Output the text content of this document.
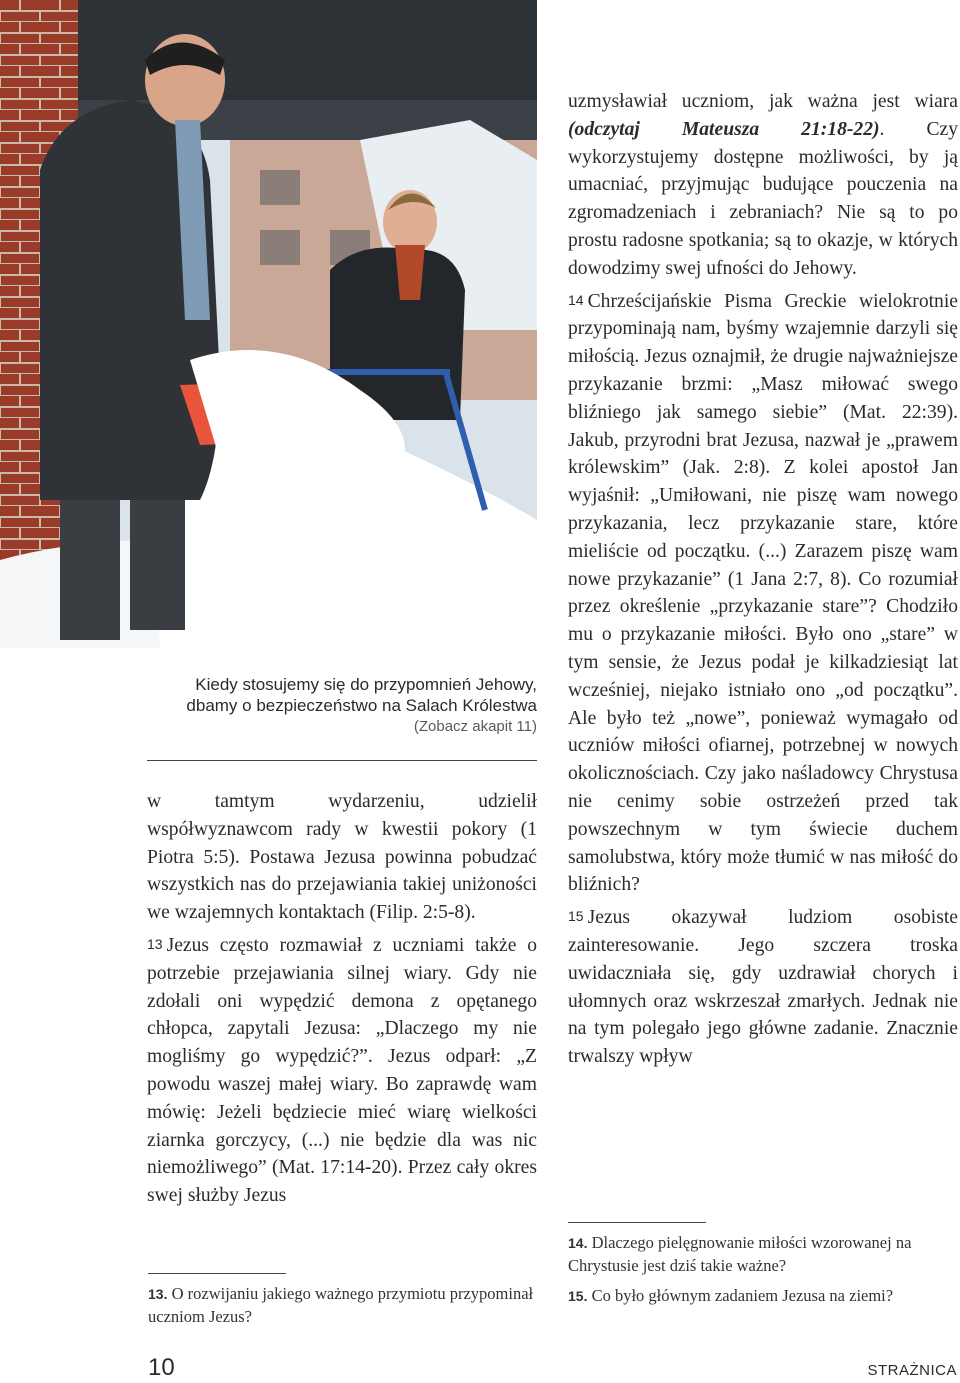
Kiedy stosujemy się do przypomnień Jehowy, dbamy o bezpieczeństwo na Salach Królestwa
(Zobacz akapit 11)

w tamtym wydarzeniu, udzielił współwyznawcom rady w kwestii pokory (1 Piotra 5:5). Postawa Jezusa powinna pobudzać wszystkich nas do przejawiania takiej uniżoności we wzajemnych kontaktach (Filip. 2:5-8).

13 Jezus często rozmawiał z uczniami także o potrzebie przejawiania silnej wiary. Gdy nie zdołali oni wypędzić demona z opętanego chłopca, zapytali Jezusa: „Dlaczego my nie mogliśmy go wypędzić?”. Jezus odparł: „Z powodu waszej małej wiary. Bo zaprawdę wam mówię: Jeżeli będziecie mieć wiarę wielkości ziarnka gorczycy, (...) nie będzie dla was nic niemożliwego” (Mat. 17:14-20). Przez cały okres swej służby Jezus

13. O rozwijaniu jakiego ważnego przymiotu przypominał uczniom Jezus?

uzmysławiał uczniom, jak ważna jest wiara (odczytaj Mateusza 21:18-22). Czy wykorzystujemy dostępne możliwości, by ją umacniać, przyjmując budujące pouczenia na zgromadzeniach i zebraniach? Nie są to po prostu radosne spotkania; są to okazje, w których dowodzimy swej ufności do Jehowy.

14 Chrześcijańskie Pisma Greckie wielokrotnie przypominają nam, byśmy wzajemnie darzyli się miłością. Jezus oznajmił, że drugie najważniejsze przykazanie brzmi: „Masz miłować swego bliźniego jak samego siebie” (Mat. 22:39). Jakub, przyrodni brat Jezusa, nazwał je „prawem królewskim” (Jak. 2:8). Z kolei apostoł Jan wyjaśnił: „Umiłowani, nie piszę wam nowego przykazania, lecz przykazanie stare, które mieliście od początku. (...) Zarazem piszę wam nowe przykazanie” (1 Jana 2:7, 8). Co rozumiał przez określenie „przykazanie stare”? Chodziło mu o przykazanie miłości. Było ono „stare” w tym sensie, że Jezus podał je kilkadziesiąt lat wcześniej, niejako istniało ono „od początku”. Ale było też „nowe”, ponieważ wymagało od uczniów miłości ofiarnej, potrzebnej w nowych okolicznościach. Czy jako naśladowcy Chrystusa nie cenimy sobie ostrzeżeń przed tak powszechnym w tym świecie duchem samolubstwa, który może tłumić w nas miłość do bliźnich?

15 Jezus okazywał ludziom osobiste zainteresowanie. Jego szczera troska uwidaczniała się, gdy uzdrawiał chorych i ułomnych oraz wskrzeszał zmarłych. Jednak nie na tym polegało jego główne zadanie. Znacznie trwalszy wpływ

14. Dlaczego pielęgnowanie miłości wzorowanej na Chrystusie jest dziś takie ważne?

15. Co było głównym zadaniem Jezusa na ziemi?

10	STRAŻNICA
